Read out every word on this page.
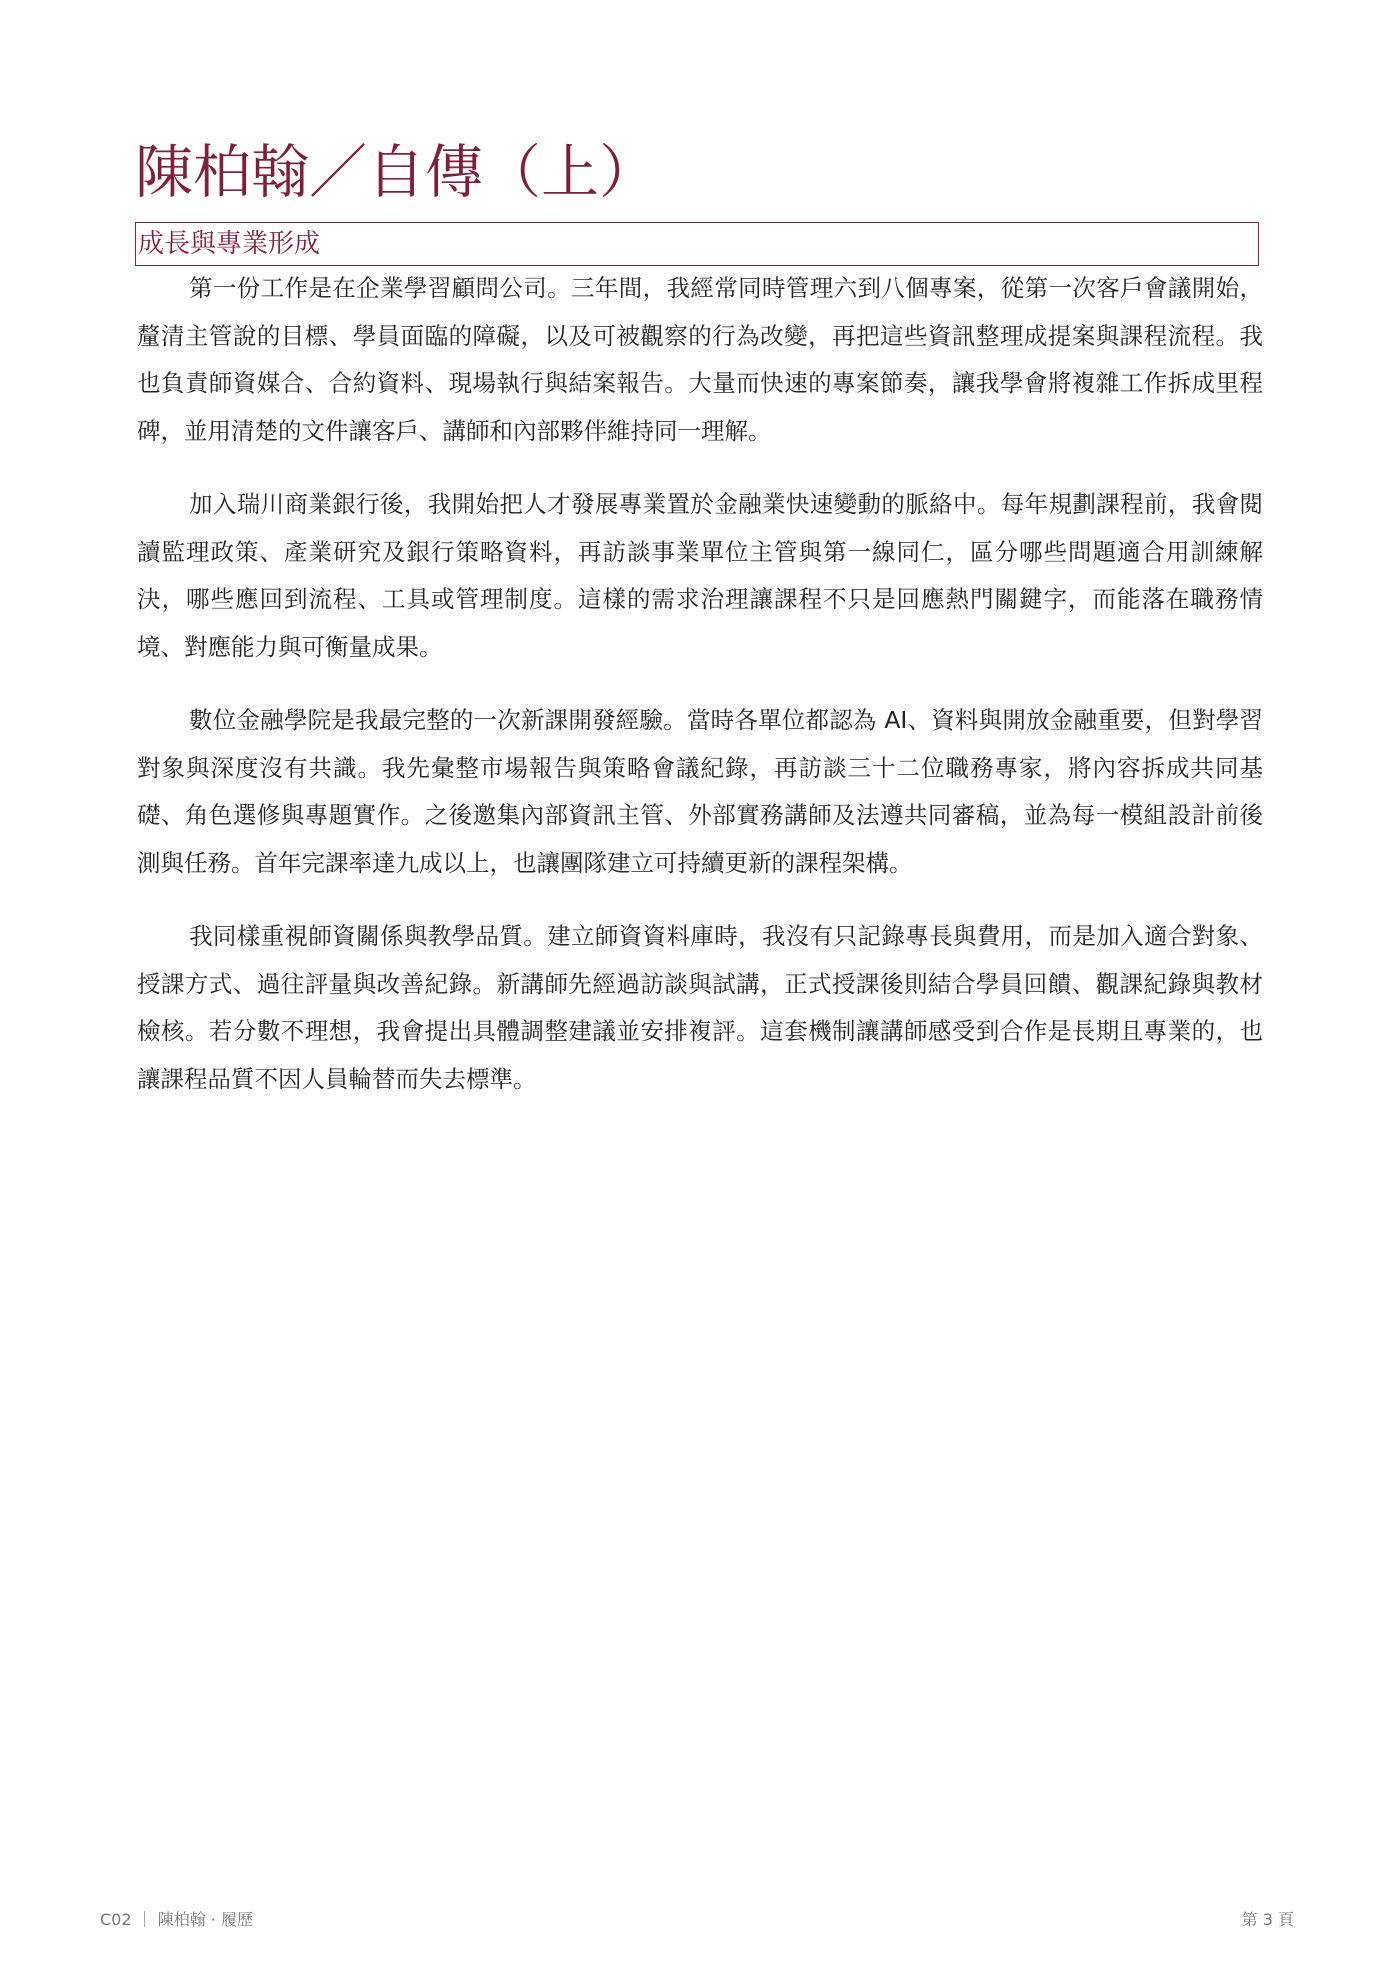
陳柏翰／自傳（上）
成長與專業形成

第一份工作是在企業學習顧問公司。三年間，我經常同時管理六到八個專案，從第一次客戶會議開始，釐清主管說的目標、學員面臨的障礙，以及可被觀察的行為改變，再把這些資訊整理成提案與課程流程。我也負責師資媒合、合約資料、現場執行與結案報告。大量而快速的專案節奏，讓我學會將複雜工作拆成里程碑，並用清楚的文件讓客戶、講師和內部夥伴維持同一理解。

加入瑞川商業銀行後，我開始把人才發展專業置於金融業快速變動的脈絡中。每年規劃課程前，我會閱讀監理政策、產業研究及銀行策略資料，再訪談事業單位主管與第一線同仁，區分哪些問題適合用訓練解決，哪些應回到流程、工具或管理制度。這樣的需求治理讓課程不只是回應熱門關鍵字，而能落在職務情境、對應能力與可衡量成果。

數位金融學院是我最完整的一次新課開發經驗。當時各單位都認為 AI、資料與開放金融重要，但對學習對象與深度沒有共識。我先彙整市場報告與策略會議紀錄，再訪談三十二位職務專家，將內容拆成共同基礎、角色選修與專題實作。之後邀集內部資訊主管、外部實務講師及法遵共同審稿，並為每一模組設計前後測與任務。首年完課率達九成以上，也讓團隊建立可持續更新的課程架構。

我同樣重視師資關係與教學品質。建立師資資料庫時，我沒有只記錄專長與費用，而是加入適合對象、授課方式、過往評量與改善紀錄。新講師先經過訪談與試講，正式授課後則結合學員回饋、觀課紀錄與教材檢核。若分數不理想，我會提出具體調整建議並安排複評。這套機制讓講師感受到合作是長期且專業的，也讓課程品質不因人員輪替而失去標準。

C02 ｜ 陳柏翰 · 履歷	第 3 頁
